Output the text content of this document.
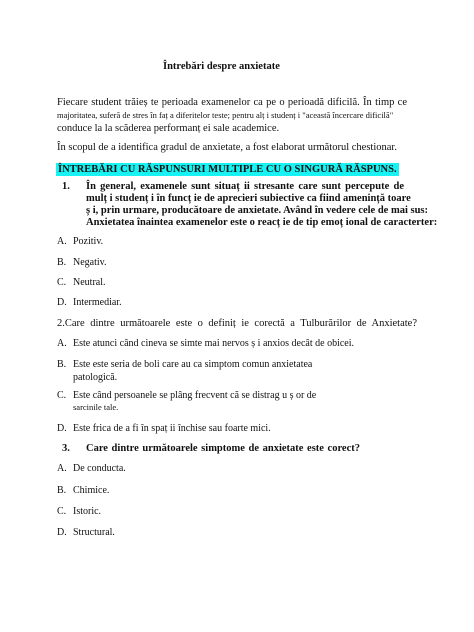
Întrebări despre anxietate
Fiecare student trăieș te perioada examenelor ca pe o perioadă dificilă. În timp ce
majoritatea, suferă de stres în faț a diferitelor teste; pentru alț i studenț i "această încercare dificilă"
conduce la la scăderea performanț ei sale academice.
În scopul de a identifica gradul de anxietate, a fost elaborat următorul chestionar.
ÎNTREBĂRI CU RĂSPUNSURI MULTIPLE CU O SINGURĂ RĂSPUNS.
1. În general, examenele sunt situaț ii stresante care sunt percepute de
mulț i studenț i în funcț ie de aprecieri subiective ca fiind amenință toare
ș i, prin urmare, producătoare de anxietate. Având în vedere cele de mai sus:
Anxietatea înaintea examenelor este o reacț ie de tip emoț ional de caracterter:
A. Pozitiv.
B. Negativ.
C. Neutral.
D. Intermediar.
2.Care dintre următoarele este o definiț ie corectă a Tulburărilor de Anxietate?
A. Este atunci când cineva se simte mai nervos ș i anxios decât de obicei.
B. Este este seria de boli care au ca simptom comun anxietatea
patologică.
C. Este când persoanele se plâng frecvent că se distrag u ș or de
sarcinile tale.
D. Este frica de a fi în spaț ii închise sau foarte mici.
3. Care dintre următoarele simptome de anxietate este corect?
A. De conducta.
B. Chimice.
C. Istoric.
D. Structural.
